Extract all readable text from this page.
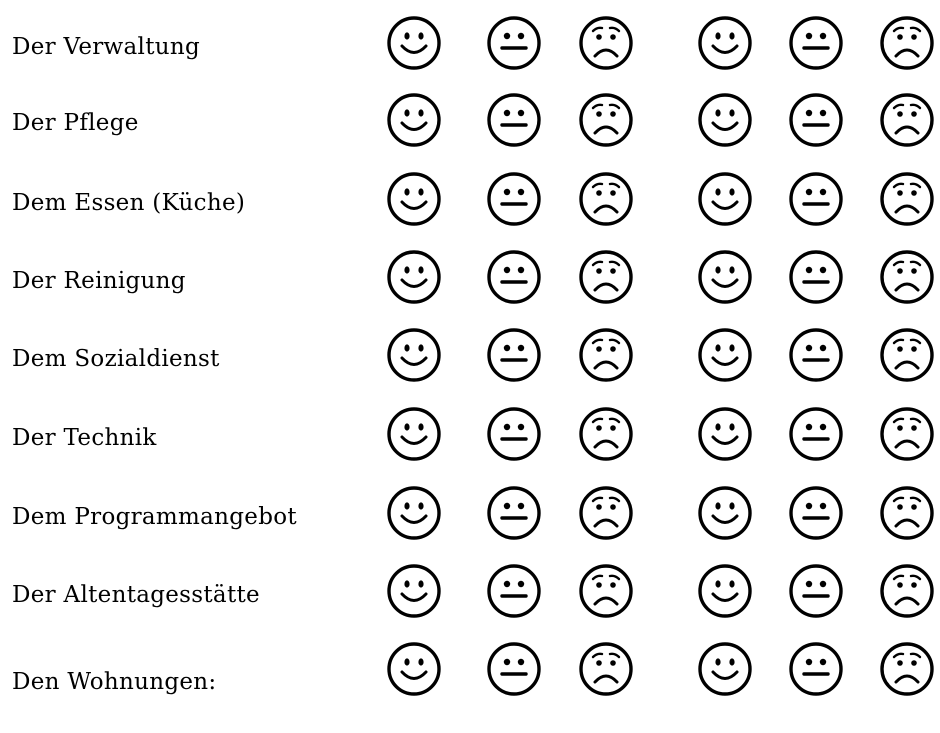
Der Verwaltung
Der Pflege
Dem Essen (Küche)
Der Reinigung
Dem Sozialdienst
Der Technik
Dem Programmangebot
Der Altentagesstätte
Den Wohnungen:
